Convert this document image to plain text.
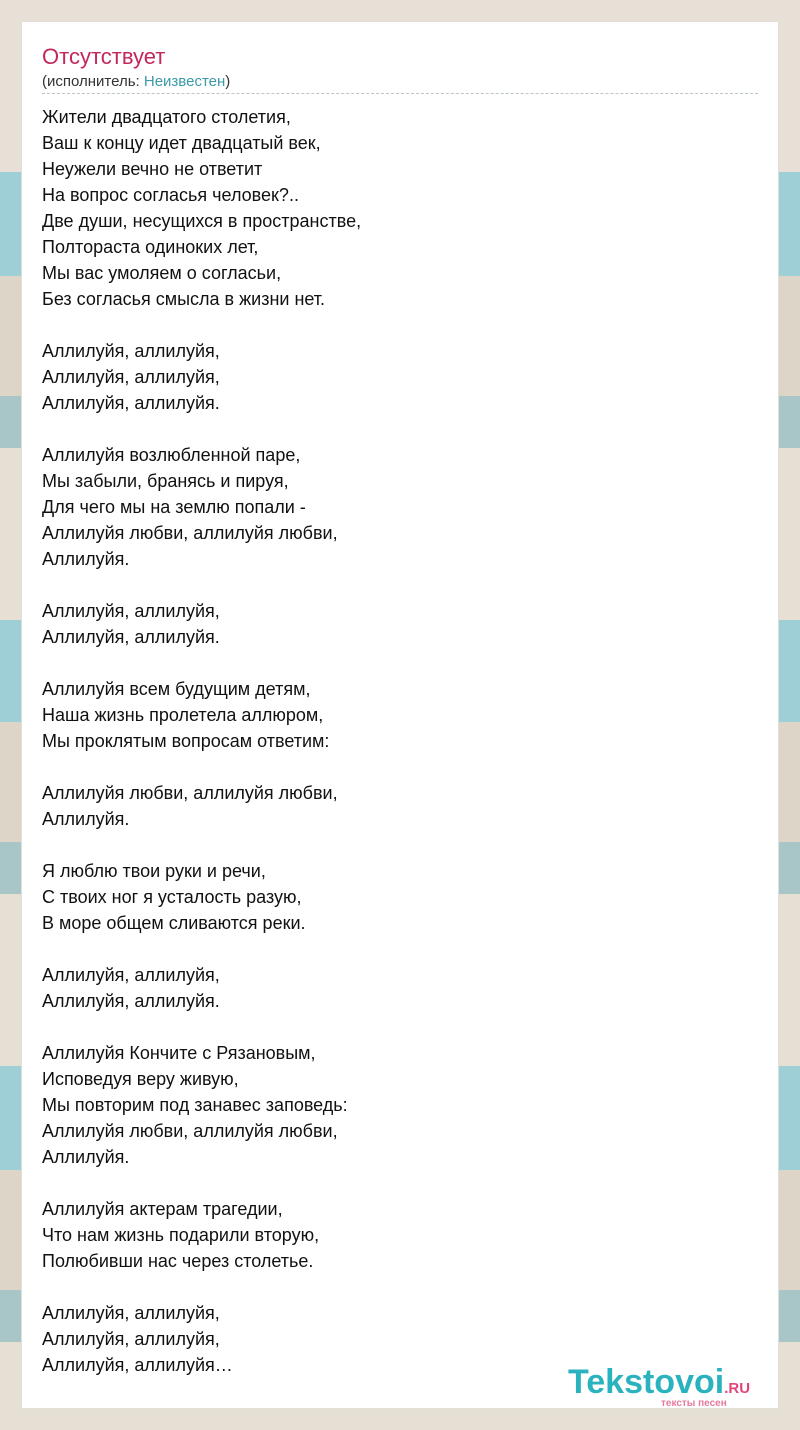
Отсутствует
(исполнитель: Неизвестен)
Жители двадцатого столетия,
Ваш к концу идет двадцатый век,
Неужели вечно не ответит
На вопрос согласья человек?..
Две души, несущихся в пространстве,
Полтораста одиноких лет,
Мы вас умоляем о согласьи,
Без согласья смысла в жизни нет.
Аллилуйя, аллилуйя,
Аллилуйя, аллилуйя,
Аллилуйя, аллилуйя.
Аллилуйя возлюбленной паре,
Мы забыли, бранясь и пируя,
Для чего мы на землю попали -
Аллилуйя любви, аллилуйя любви,
Аллилуйя.
Аллилуйя, аллилуйя,
Аллилуйя, аллилуйя.
Аллилуйя всем будущим детям,
Наша жизнь пролетела аллюром,
Мы проклятым вопросам ответим:
Аллилуйя любви, аллилуйя любви,
Аллилуйя.
Я люблю твои руки и речи,
С твоих ног я усталость разую,
В море общем сливаются реки.
Аллилуйя, аллилуйя,
Аллилуйя, аллилуйя.
Аллилуйя Кончите с Рязановым,
Исповедуя веру живую,
Мы повторим под занавес заповедь:
Аллилуйя любви, аллилуйя любви,
Аллилуйя.
Аллилуйя актерам трагедии,
Что нам жизнь подарили вторую,
Полюбивши нас через столетье.
Аллилуйя, аллилуйя,
Аллилуйя, аллилуйя,
Аллилуйя, аллилуйя…	Tekstovoi.RU
тексты песен
